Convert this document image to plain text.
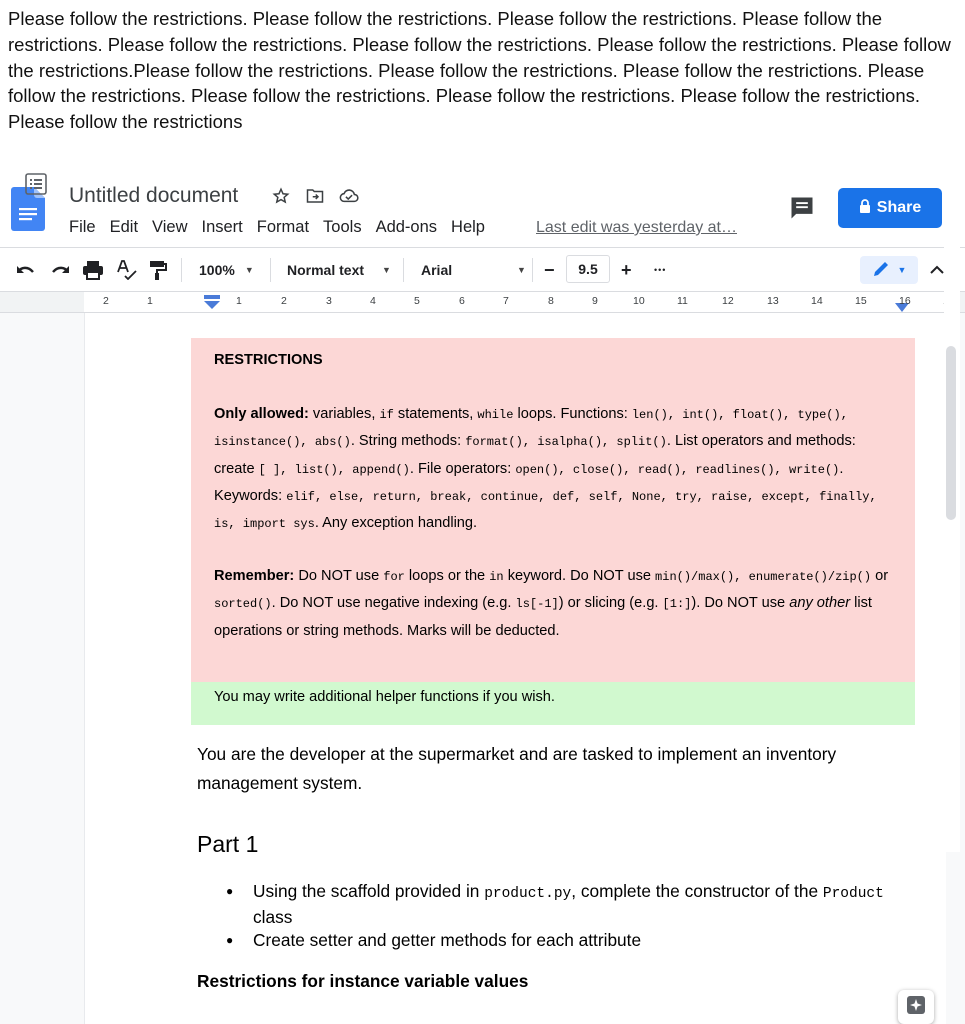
Please follow the restrictions. Please follow the restrictions. Please follow the restrictions. Please follow the restrictions. Please follow the restrictions. Please follow the restrictions. Please follow the restrictions. Please follow the restrictions.Please follow the restrictions. Please follow the restrictions. Please follow the restrictions. Please follow the restrictions. Please follow the restrictions. Please follow the restrictions. Please follow the restrictions. Please follow the restrictions
Untitled document
File Edit View Insert Format Tools Add-ons Help	Last edit was yesterday at…
Share
100% ▼ Normal text ▼ Arial	▼ −	+ •••	▼
9.5
2	1	1	2	3	4	5	6	7	8	9	10	11	12	13	14	15	16
RESTRICTIONS

Only allowed: variables, if statements, while loops. Functions: len(), int(), float(), type(), isinstance(), abs(). String methods: format(), isalpha(), split(). List operators and methods: create [ ], list(), append(). File operators: open(), close(), read(), readlines(), write(). Keywords: elif, else, return, break, continue, def, self, None, try, raise, except, finally, is, import sys. Any exception handling.

Remember: Do NOT use for loops or the in keyword. Do NOT use min()/max(), enumerate()/zip() or sorted(). Do NOT use negative indexing (e.g. ls[-1]) or slicing (e.g. [1:]). Do NOT use any other list operations or string methods. Marks will be deducted.

You may write additional helper functions if you wish.
You are the developer at the supermarket and are tasked to implement an inventory management system.
Part 1
● Using the scaffold provided in product.py, complete the constructor of the Product class
● Create setter and getter methods for each attribute
Restrictions for instance variable values
